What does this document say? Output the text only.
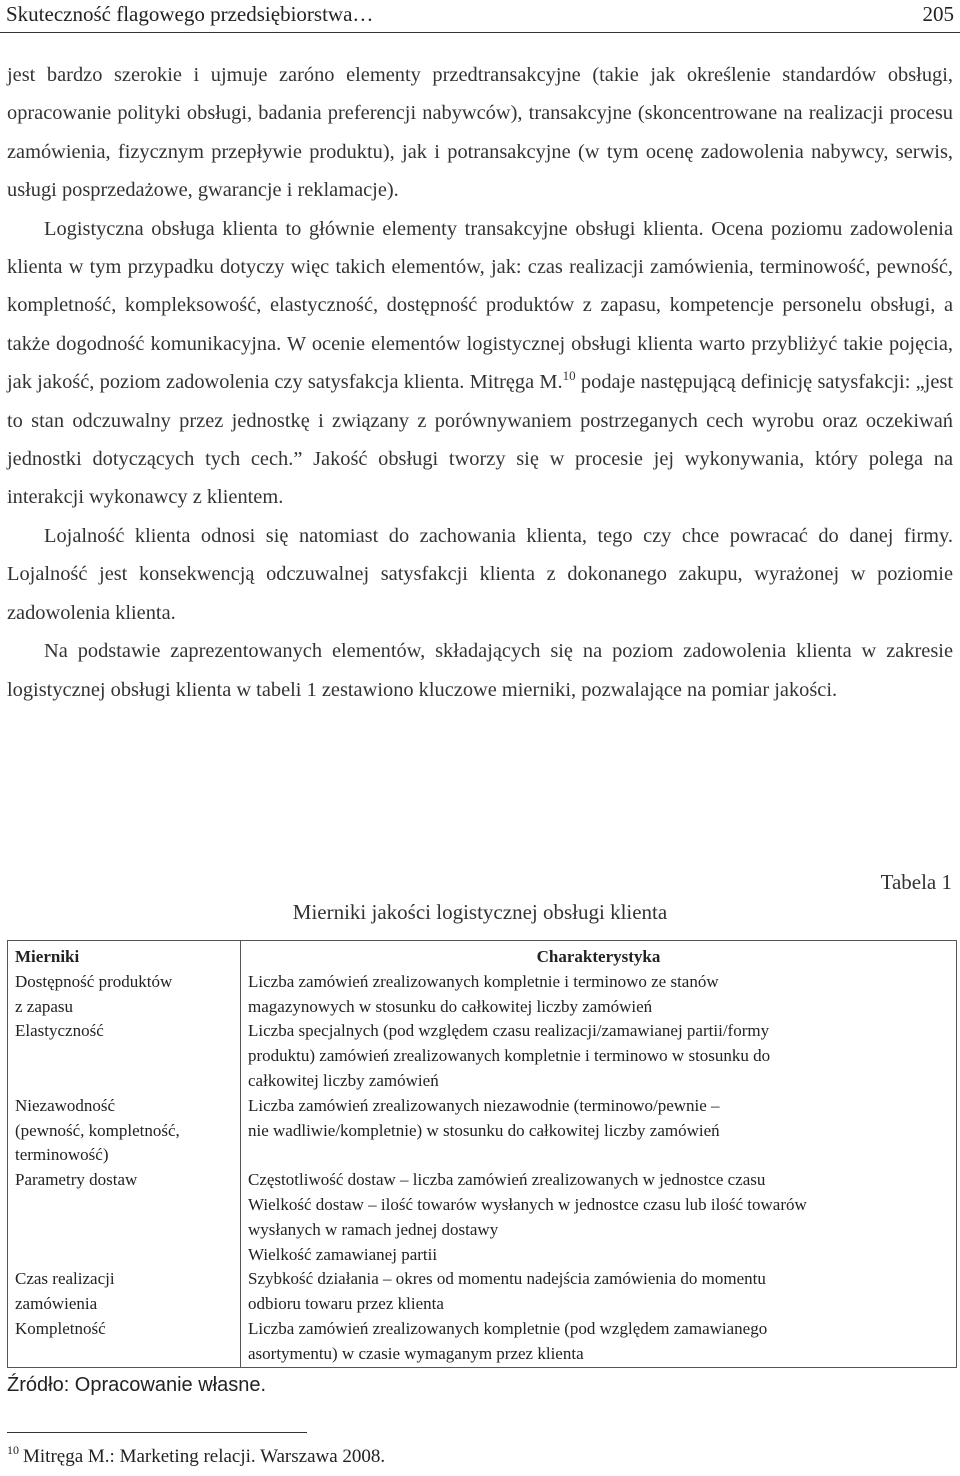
Skuteczność flagowego przedsiębiorstwa…	205

jest bardzo szerokie i ujmuje zaróno elementy przedtransakcyjne (takie jak określenie standardów obsługi, opracowanie polityki obsługi, badania preferencji nabywców), transakcyjne (skoncentrowane na realizacji procesu zamówienia, fizycznym przepływie produktu), jak i potransakcyjne (w tym ocenę zadowolenia nabywcy, serwis, usługi posprzedażowe, gwarancje i reklamacje).

Logistyczna obsługa klienta to głównie elementy transakcyjne obsługi klienta. Ocena poziomu zadowolenia klienta w tym przypadku dotyczy więc takich elementów, jak: czas realizacji zamówienia, terminowość, pewność, kompletność, kompleksowość, elastyczność, dostępność produktów z zapasu, kompetencje personelu obsługi, a także dogodność komunikacyjna. W ocenie elementów logistycznej obsługi klienta warto przybliżyć takie pojęcia, jak jakość, poziom zadowolenia czy satysfakcja klienta. Mitręga M.$^{10}$ podaje następującą definicję satysfakcji: „jest to stan odczuwalny przez jednostkę i związany z porównywaniem postrzeganych cech wyrobu oraz oczekiwań jednostki dotyczących tych cech.” Jakość obsługi tworzy się w procesie jej wykonywania, który polega na interakcji wykonawcy z klientem.

Lojalność klienta odnosi się natomiast do zachowania klienta, tego czy chce powracać do danej firmy. Lojalność jest konsekwencją odczuwalnej satysfakcji klienta z dokonanego zakupu, wyrażonej w poziomie zadowolenia klienta.

Na podstawie zaprezentowanych elementów, składających się na poziom zadowolenia klienta w zakresie logistycznej obsługi klienta w tabeli 1 zestawiono kluczowe mierniki, pozwalające na pomiar jakości.

Tabela 1
Mierniki jakości logistycznej obsługi klienta
Mierniki	Charakterystyka

Dostępność produktów
z zapasu	Liczba zamówień zrealizowanych kompletnie i terminowo ze stanów
magazynowych w stosunku do całkowitej liczby zamówień

Elastyczność	Liczba specjalnych (pod względem czasu realizacji/zamawianej partii/formy
produktu) zamówień zrealizowanych kompletnie i terminowo w stosunku do
całkowitej liczby zamówień

Niezawodność
(pewność, kompletność,
terminowość)	Liczba zamówień zrealizowanych niezawodnie (terminowo/pewnie –
nie wadliwie/kompletnie) w stosunku do całkowitej liczby zamówień

Parametry dostaw	Częstotliwość dostaw – liczba zamówień zrealizowanych w jednostce czasu
Wielkość dostaw – ilość towarów wysłanych w jednostce czasu lub ilość towarów
wysłanych w ramach jednej dostawy
Wielkość zamawianej partii

Czas realizacji
zamówienia	Szybkość działania – okres od momentu nadejścia zamówienia do momentu
odbioru towaru przez klienta

Kompletność	Liczba zamówień zrealizowanych kompletnie (pod względem zamawianego
asortymentu) w czasie wymaganym przez klienta
Źródło: Opracowanie własne.
$^{10}$ Mitręga M.: Marketing relacji. Warszawa 2008.
